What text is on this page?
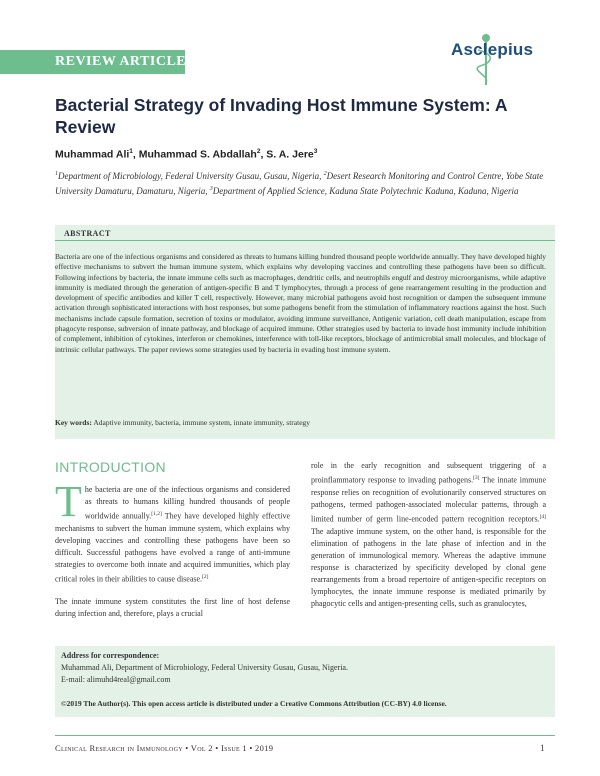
REVIEW ARTICLE
Asclepius
Bacterial Strategy of Invading Host Immune System: A Review
Muhammad Ali$^1$, Muhammad S. Abdallah$^2$, S. A. Jere$^3$
$^1$Department of Microbiology, Federal University Gusau, Gusau, Nigeria, $^2$Desert Research Monitoring and Control Centre, Yobe State University Damaturu, Damaturu, Nigeria, $^3$Department of Applied Science, Kaduna State Polytechnic Kaduna, Kaduna, Nigeria
ABSTRACT
Bacteria are one of the infectious organisms and considered as threats to humans killing hundred thousand people worldwide annually. They have developed highly effective mechanisms to subvert the human immune system, which explains why developing vaccines and controlling these pathogens have been so difficult. Following infections by bacteria, the innate immune cells such as macrophages, dendritic cells, and neutrophils engulf and destroy microorganisms, while adaptive immunity is mediated through the generation of antigen-specific B and T lymphocytes, through a process of gene rearrangement resulting in the production and development of specific antibodies and killer T cell, respectively. However, many microbial pathogens avoid host recognition or dampen the subsequent immune activation through sophisticated interactions with host responses, but some pathogens benefit from the stimulation of inflammatory reactions against the host. Such mechanisms include capsule formation, secretion of toxins or modulator, avoiding immune surveillance, Antigenic variation, cell death manipulation, escape from phagocyte response, subversion of innate pathway, and blockage of acquired immune. Other strategies used by bacteria to invade host immunity include inhibition of complement, inhibition of cytokines, interferon or chemokines, interference with toll-like receptors, blockage of antimicrobial small molecules, and blockage of intrinsic cellular pathways. The paper reviews some strategies used by bacteria in evading host immune system.
Key words: Adaptive immunity, bacteria, immune system, innate immunity, strategy
INTRODUCTION

The bacteria are one of the infectious organisms and considered as threats to humans killing hundred thousands of people worldwide annually.[1,2] They have developed highly effective mechanisms to subvert the human immune system, which explains why developing vaccines and controlling these pathogens have been so difficult. Successful pathogens have evolved a range of anti-immune strategies to overcome both innate and acquired immunities, which play critical roles in their abilities to cause disease.[2]

The innate immune system constitutes the first line of host defense during infection and, therefore, plays a crucial

role in the early recognition and subsequent triggering of a proinflammatory response to invading pathogens.[3] The innate immune response relies on recognition of evolutionarily conserved structures on pathogens, termed pathogen-associated molecular patterns, through a limited number of germ line-encoded pattern recognition receptors.[4] The adaptive immune system, on the other hand, is responsible for the elimination of pathogens in the late phase of infection and in the generation of immunological memory. Whereas the adaptive immune response is characterized by specificity developed by clonal gene rearrangements from a broad repertoire of antigen-specific receptors on lymphocytes, the innate immune response is mediated primarily by phagocytic cells and antigen-presenting cells, such as granulocytes,

Address for correspondence:
Muhammad Ali, Department of Microbiology, Federal University Gusau, Gusau, Nigeria.
E-mail: alimuhd4real@gmail.com
©2019 The Author(s). This open access article is distributed under a Creative Commons Attribution (CC-BY) 4.0 license.
Clinical Research in Immunology • Vol 2 • Issue 1 • 2019	1
